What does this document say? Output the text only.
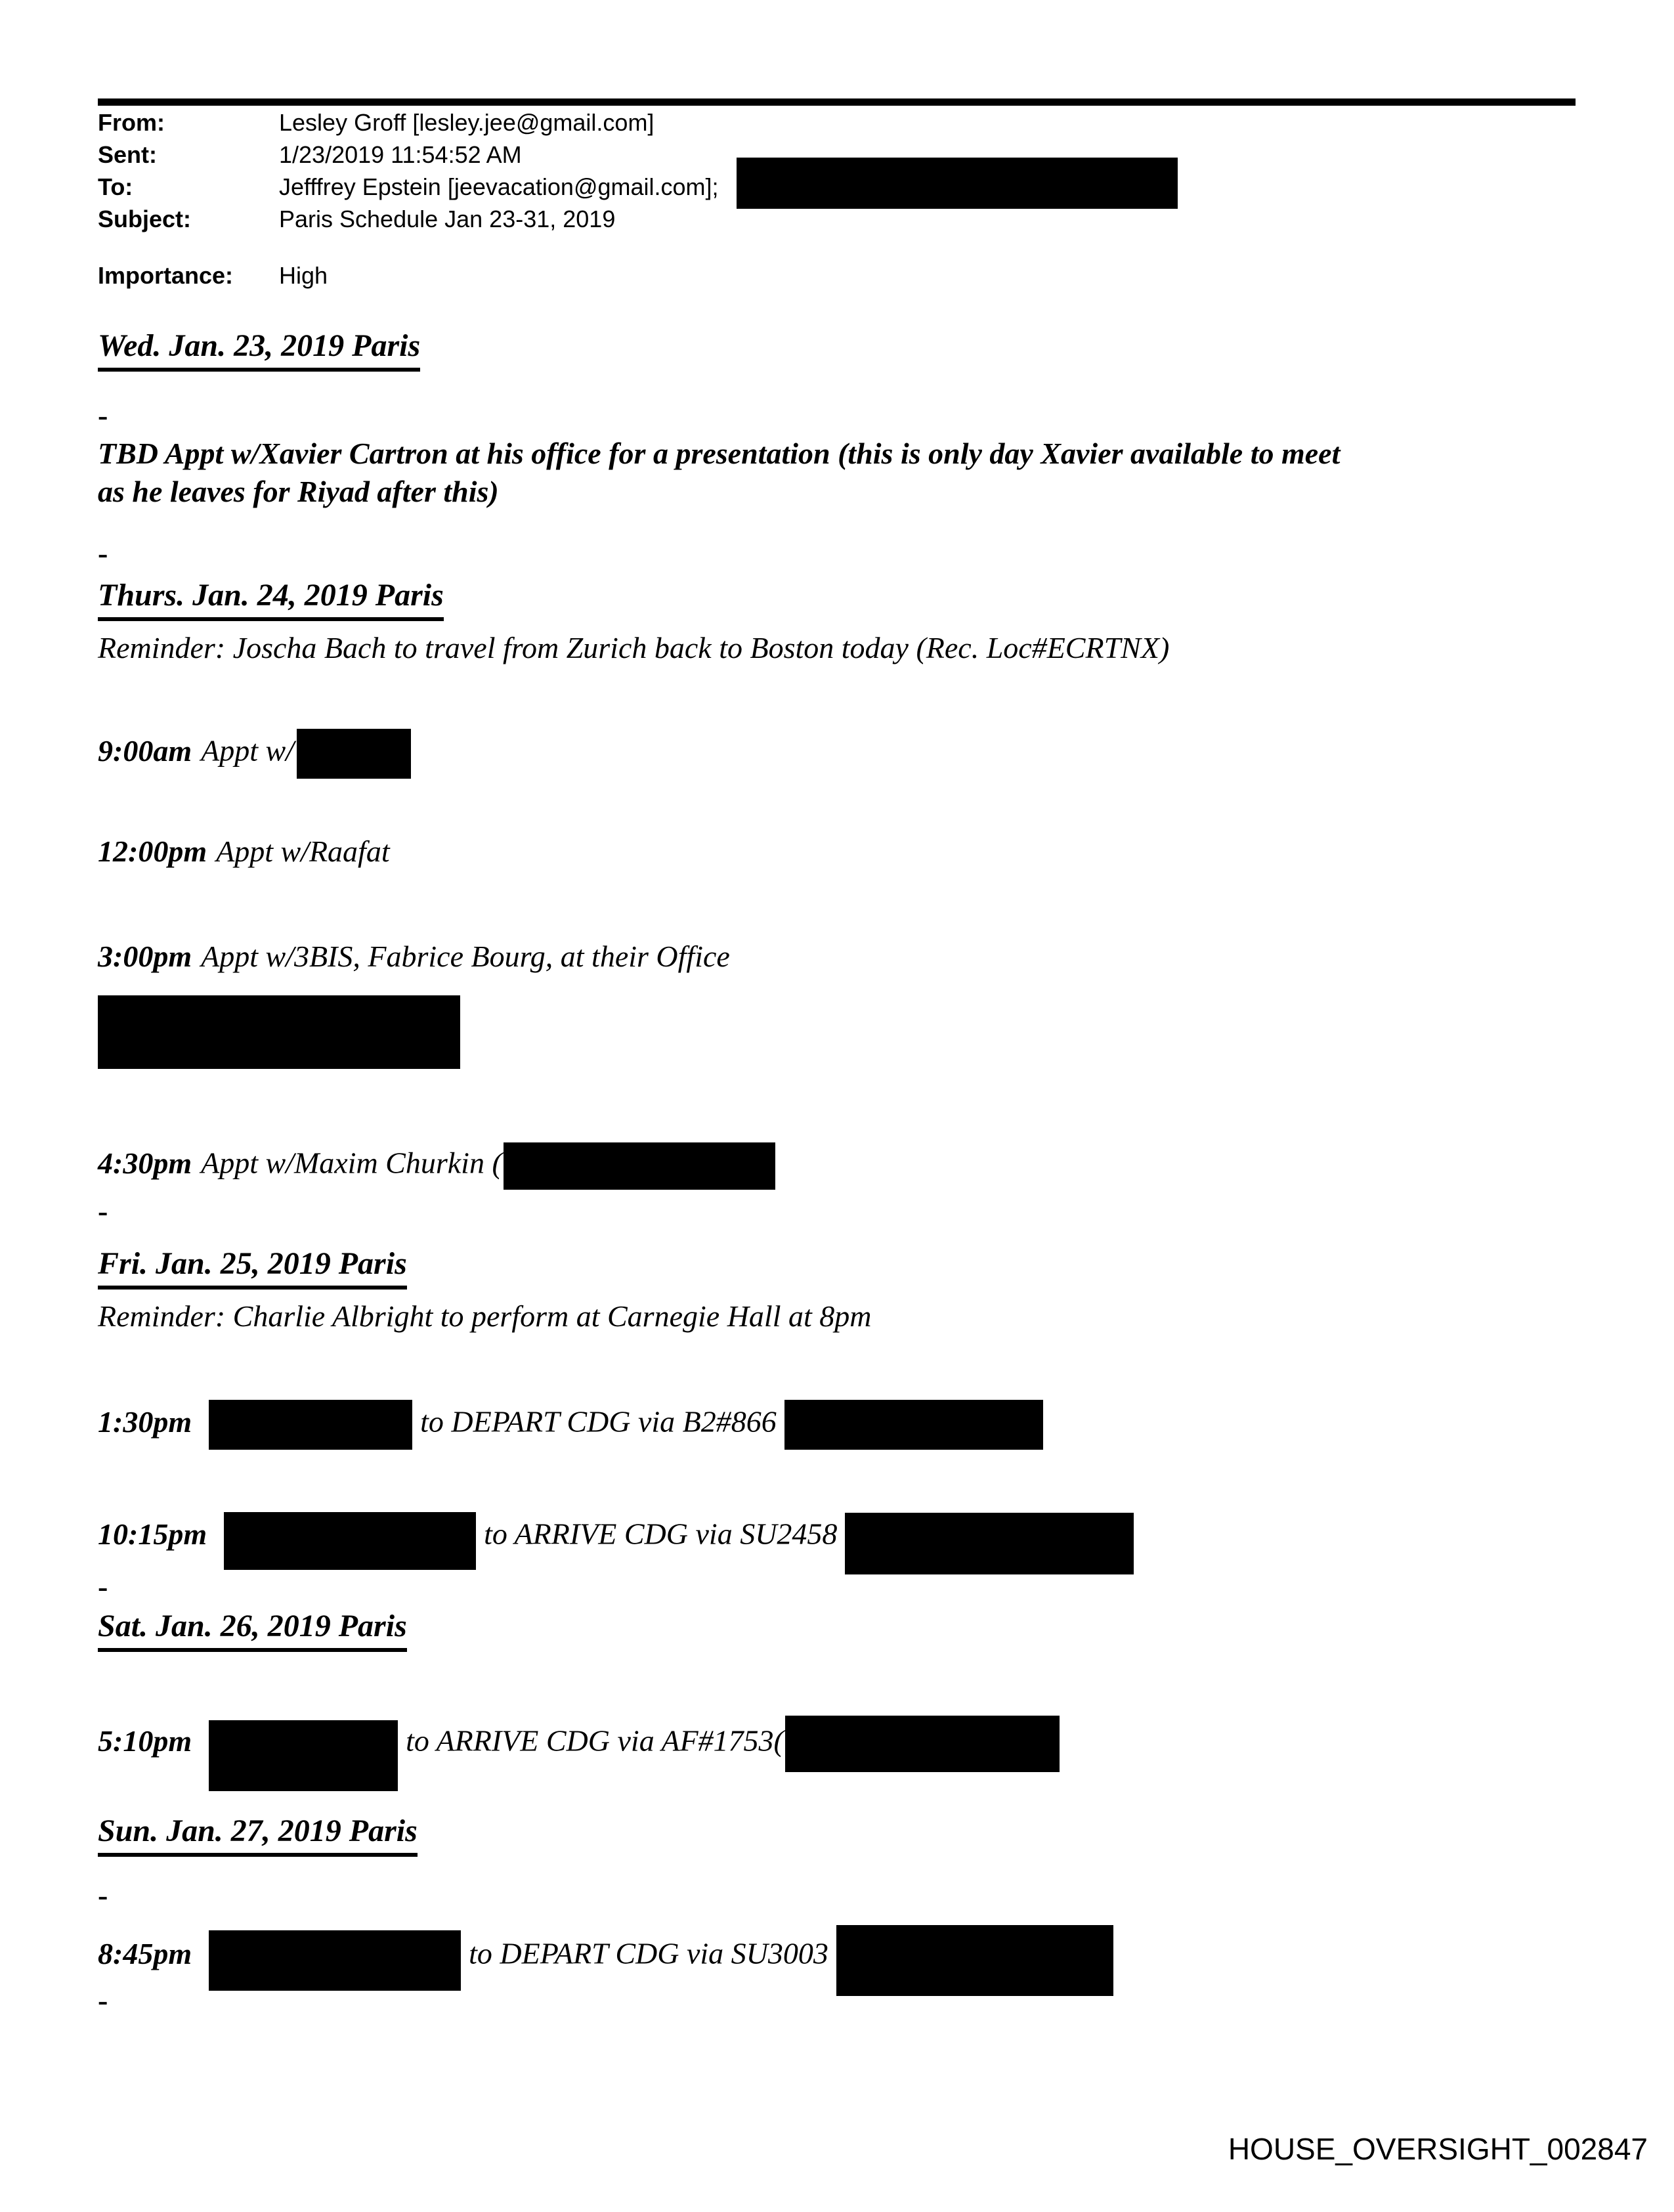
From:	Lesley Groff [lesley.jee@gmail.com]
Sent:	1/23/2019 11:54:52 AM
To:	Jefffrey Epstein [jeevacation@gmail.com];
Subject:	Paris Schedule Jan 23-31, 2019
Importance: High
Wed. Jan. 23, 2019 Paris
-
TBD Appt w/Xavier Cartron at his office for a presentation (this is only day Xavier available to meet
as he leaves for Riyad after this)
-
Thurs. Jan. 24, 2019 Paris
Reminder: Joscha Bach to travel from Zurich back to Boston today (Rec. Loc#ECRTNX)
9:00am Appt w/
12:00pm Appt w/Raafat
3:00pm Appt w/3BIS, Fabrice Bourg, at their Office
4:30pm Appt w/Maxim Churkin (
-
Fri. Jan. 25, 2019 Paris
Reminder: Charlie Albright to perform at Carnegie Hall at 8pm
1:30pm	to DEPART CDG via B2#866
10:15pm	to ARRIVE CDG via SU2458
-
Sat. Jan. 26, 2019 Paris
5:10pm	to ARRIVE CDG via AF#1753(
Sun. Jan. 27, 2019 Paris
-
8:45pm	to DEPART CDG via SU3003
-
HOUSE_OVERSIGHT_002847
